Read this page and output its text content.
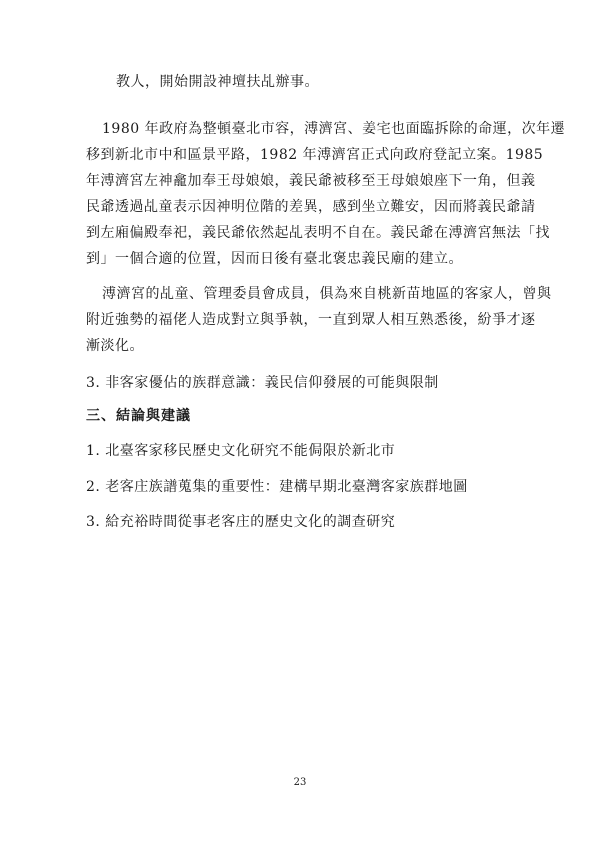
教人，開始開設神壇扶乩辦事。
1980 年政府為整頓臺北市容，溥濟宮、姜宅也面臨拆除的命運，次年遷
移到新北市中和區景平路，1982 年溥濟宮正式向政府登記立案。1985
年溥濟宮左神龕加奉王母娘娘，義民爺被移至王母娘娘座下一角，但義
民爺透過乩童表示因神明位階的差異，感到坐立難安，因而將義民爺請
到左廂偏殿奉祀，義民爺依然起乩表明不自在。義民爺在溥濟宮無法「找
到」一個合適的位置，因而日後有臺北褒忠義民廟的建立。
溥濟宮的乩童、管理委員會成員，俱為來自桃新苗地區的客家人，曾與
附近強勢的福佬人造成對立與爭執，一直到眾人相互熟悉後，紛爭才逐
漸淡化。
3. 非客家優佔的族群意識：義民信仰發展的可能與限制
三、結論與建議
1. 北臺客家移民歷史文化研究不能侷限於新北市
2. 老客庄族譜蒐集的重要性：建構早期北臺灣客家族群地圖
3. 給充裕時間從事老客庄的歷史文化的調查研究
23
